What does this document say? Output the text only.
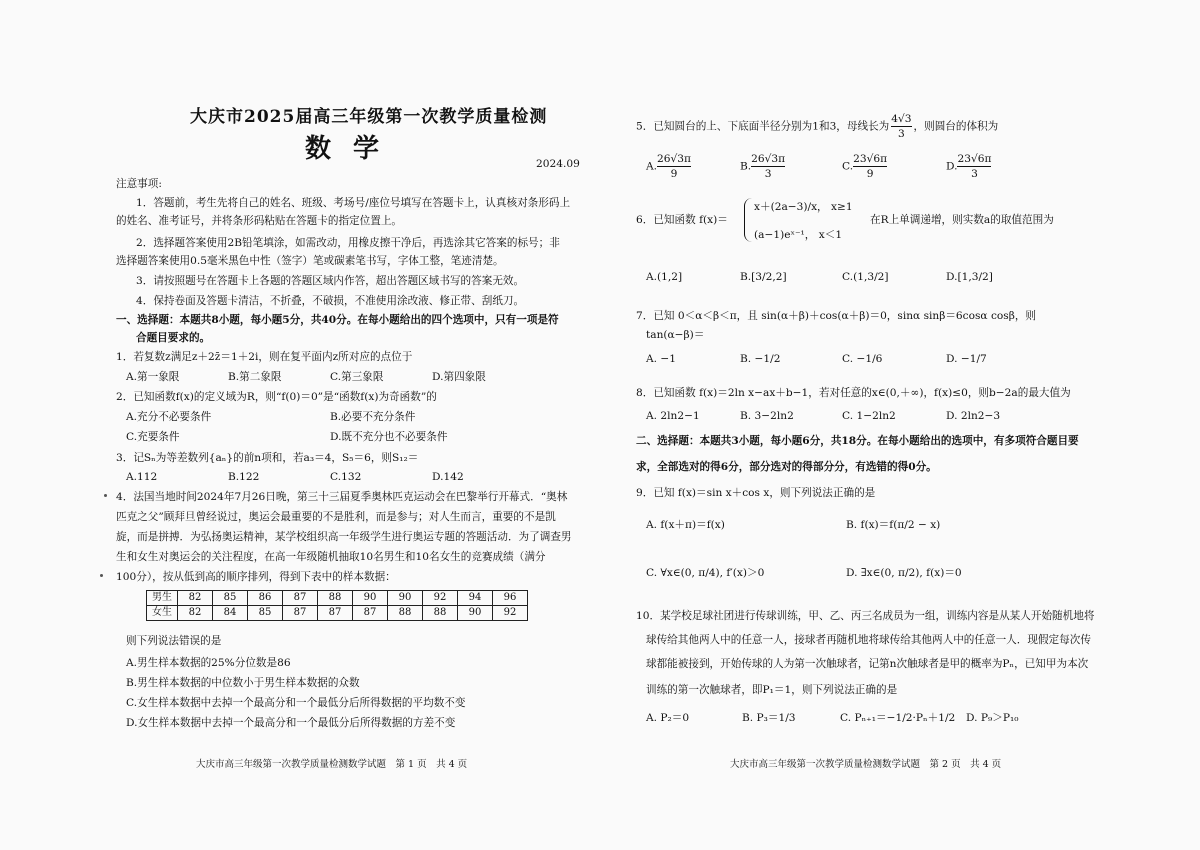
大庆市2025届高三年级第一次教学质量检测
数学	2024.09
注意事项:
1．答题前，考生先将自己的姓名、班级、考场号/座位号填写在答题卡上，认真核对条形码上
的姓名、准考证号，并将条形码粘贴在答题卡的指定位置上。
2．选择题答案使用2B铅笔填涂，如需改动，用橡皮擦干净后，再选涂其它答案的标号；非
选择题答案使用0.5毫米黑色中性（签字）笔或碳素笔书写，字体工整，笔迹清楚。
3．请按照题号在答题卡上各题的答题区域内作答，超出答题区域书写的答案无效。
4．保持卷面及答题卡清洁，不折叠，不破损，不准使用涂改液、修正带、刮纸刀。
一、选择题：本题共8小题，每小题5分，共40分。在每小题给出的四个选项中，只有一项是符
合题目要求的。
1．若复数z满足z＋2z̄＝1＋2i，则在复平面内z所对应的点位于
A.第一象限	B.第二象限	C.第三象限	D.第四象限
2．已知函数f(x)的定义域为R，则“f(0)＝0”是“函数f(x)为奇函数”的
A.充分不必要条件	B.必要不充分条件
C.充要条件	D.既不充分也不必要条件
3．记Sₙ为等差数列{aₙ}的前n项和，若a₃＝4，S₅＝6，则S₁₂＝
A.112	B.122	C.132	D.142
4．法国当地时间2024年7月26日晚，第三十三届夏季奥林匹克运动会在巴黎举行开幕式．“奥林
匹克之父”顾拜旦曾经说过，奥运会最重要的不是胜利，而是参与；对人生而言，重要的不是凯
旋，而是拼搏．为弘扬奥运精神，某学校组织高一年级学生进行奥运专题的答题活动．为了调查男
生和女生对奥运会的关注程度，在高一年级随机抽取10名男生和10名女生的竞赛成绩（满分
100分），按从低到高的顺序排列，得到下表中的样本数据：
男生	82	85	86	87	88	90	90	92	94	96
女生	82	84	85	87	87	87	88	88	90	92
则下列说法错误的是
A.男生样本数据的25%分位数是86
B.男生样本数据的中位数小于男生样本数据的众数
C.女生样本数据中去掉一个最高分和一个最低分后所得数据的平均数不变
D.女生样本数据中去掉一个最高分和一个最低分后所得数据的方差不变
大庆市高三年级第一次教学质量检测数学试题　第 1 页　共 4 页
5．已知圆台的上、下底面半径分别为1和3，母线长为 $\frac{4√3}{3}$ ，则圆台的体积为
A. $\frac{26√3\pi}{9}$	B. $\frac{26√3\pi}{3}$	C. $\frac{23√6\pi}{9}$	D. $\frac{23√6\pi}{3}$
6．已知函数 f(x)＝
x＋(2a−3)/x， x≥1
(a−1)eˣ⁻¹， x＜1
在R上单调递增，则实数a的取值范围为
A.(1,2]	B.[3/2,2]	C.(1,3/2]	D.[1,3/2]
7．已知 0＜α＜β＜π，且 sin(α＋β)＋cos(α＋β)＝0，sinα sinβ＝6cosα cosβ，则
tan(α−β)＝
A. −1	B. −1/2	C. −1/6	D. −1/7
8．已知函数 f(x)＝2ln x−ax＋b−1，若对任意的x∈(0,＋∞)，f(x)≤0，则b−2a的最大值为
A. 2ln2−1	B. 3−2ln2	C. 1−2ln2	D. 2ln2−3
二、选择题：本题共3小题，每小题6分，共18分。在每小题给出的选项中，有多项符合题目要
求，全部选对的得6分，部分选对的得部分分，有选错的得0分。
9．已知 f(x)＝sin x＋cos x，则下列说法正确的是
A. f(x＋π)＝f(x)	B. f(x)＝f(π/2 − x)
C. ∀x∈(0, π/4), f′(x)＞0	D. ∃x∈(0, π/2), f(x)＝0
10．某学校足球社团进行传球训练，甲、乙、丙三名成员为一组，训练内容是从某人开始随机地将
球传给其他两人中的任意一人，接球者再随机地将球传给其他两人中的任意一人．现假定每次传
球都能被接到，开始传球的人为第一次触球者，记第n次触球者是甲的概率为Pₙ，已知甲为本次
训练的第一次触球者，即P₁＝1，则下列说法正确的是
A. P₂＝0	B. P₃＝1/3	C. Pₙ₊₁＝−1/2·Pₙ＋1/2 D. P₉＞P₁₀
大庆市高三年级第一次教学质量检测数学试题　第 2 页　共 4 页
